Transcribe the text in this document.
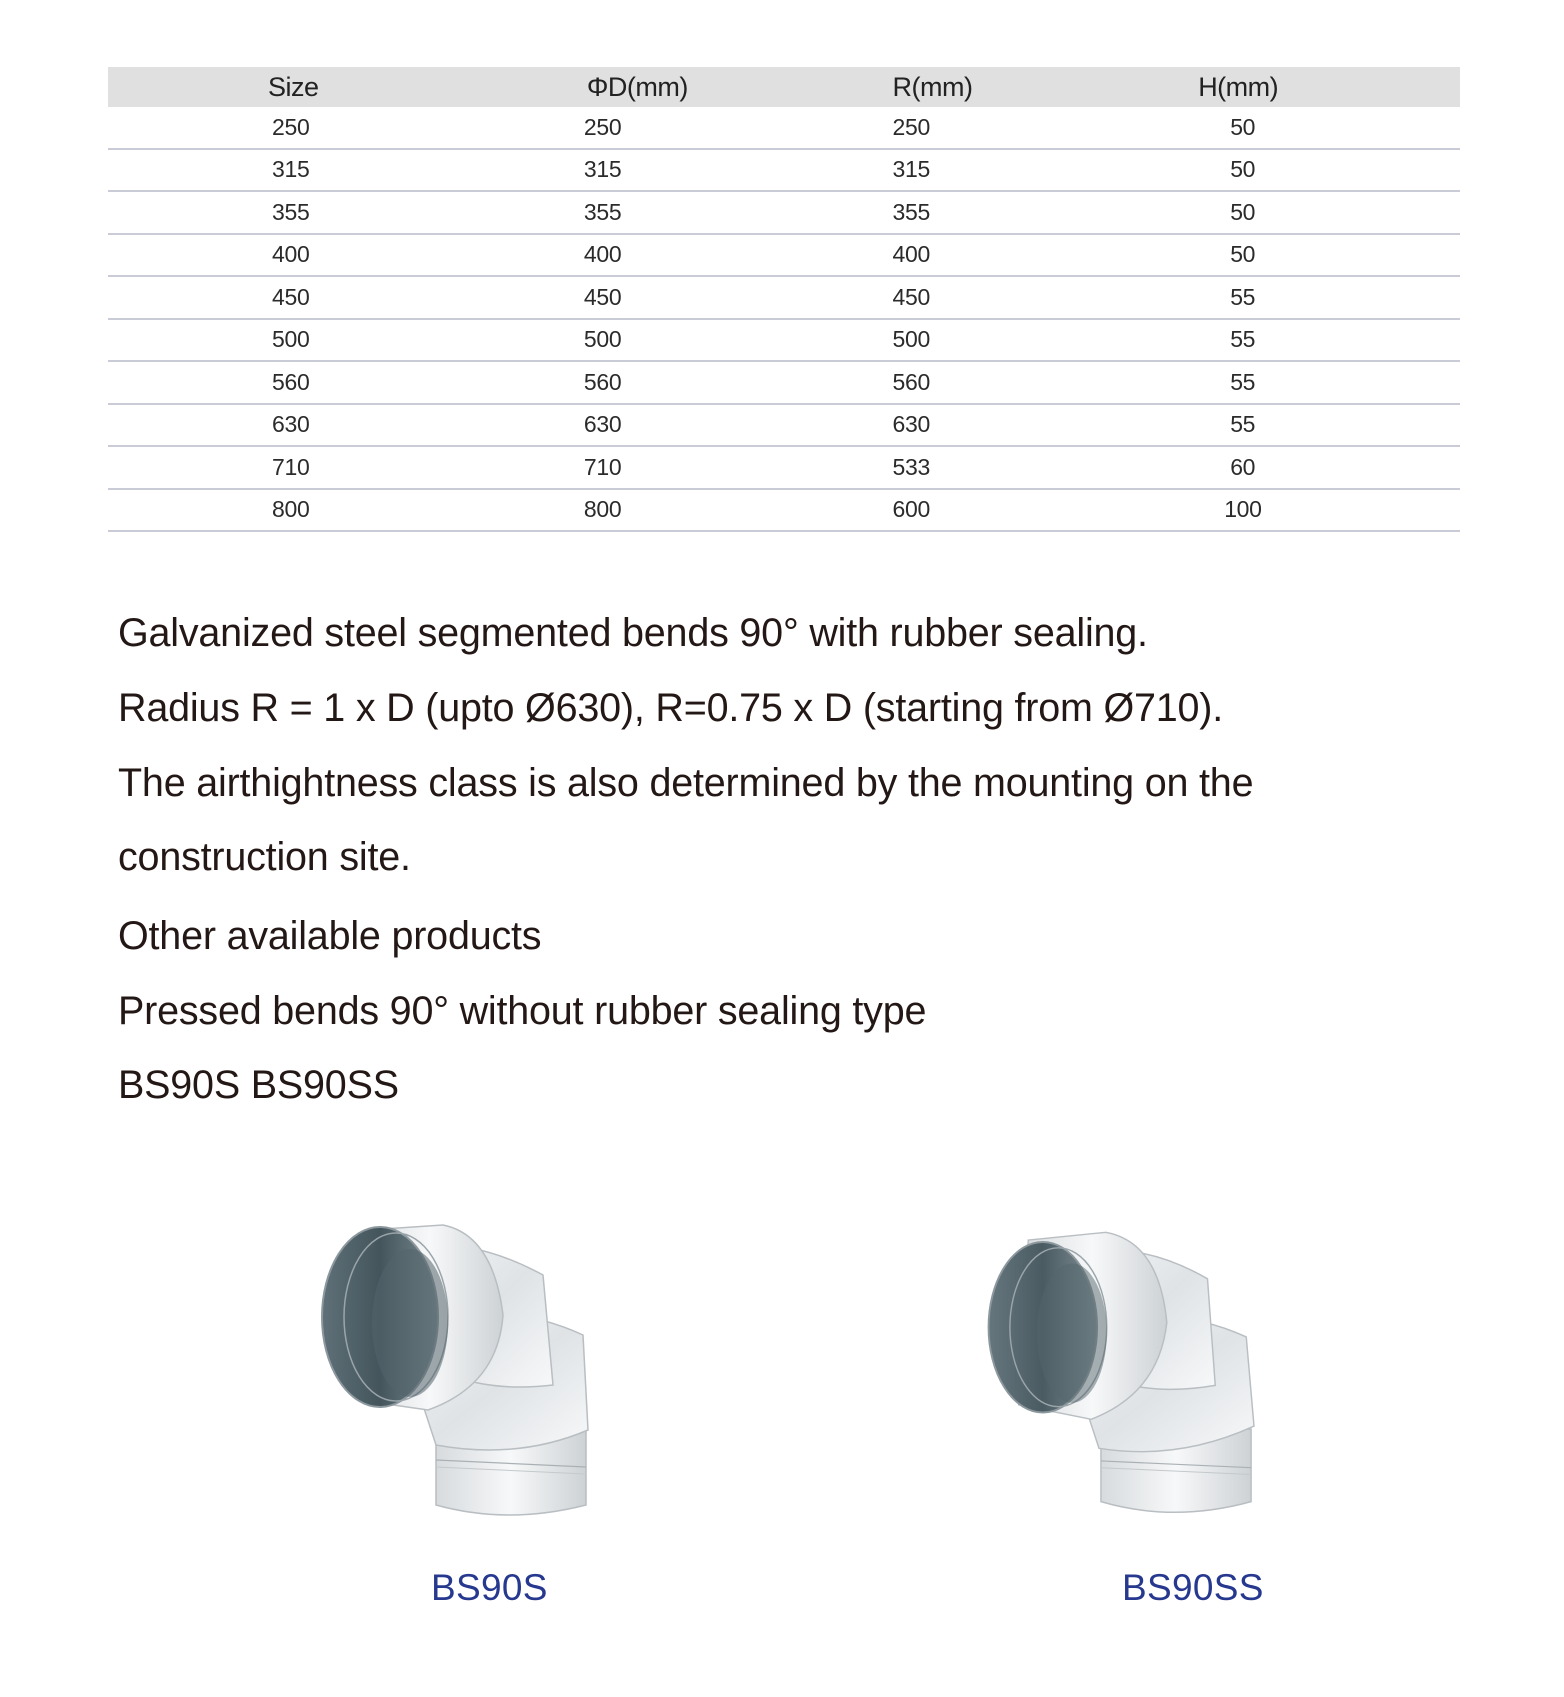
Size	ΦD(mm)	R(mm)	H(mm)
250	250	250	50
315	315	315	50
355	355	355	50
400	400	400	50
450	450	450	55
500	500	500	55
560	560	560	55
630	630	630	55
710	710	533	60
800	800	600	100

Galvanized steel segmented bends 90° with rubber sealing.

Radius R = 1 x D (upto Ø630), R=0.75 x D (starting from Ø710).

The airthightness class is also determined by the mounting on the

construction site.

Other available products

Pressed bends 90° without rubber sealing type

BS90S BS90SS

BS90S	BS90SS
